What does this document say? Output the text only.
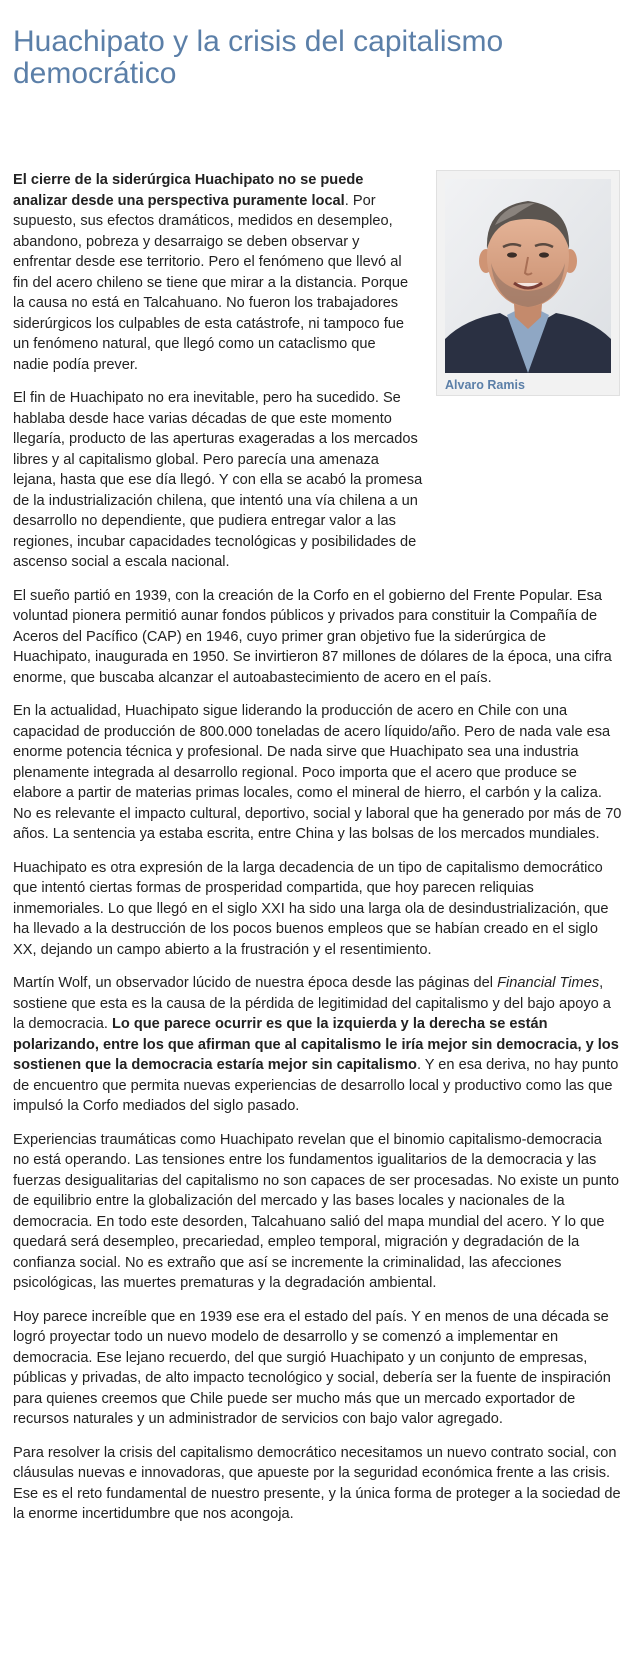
Huachipato y la crisis del capitalismo democrático
Alvaro Ramis

El cierre de la siderúrgica Huachipato no se puede analizar desde una perspectiva puramente local. Por supuesto, sus efectos dramáticos, medidos en desempleo, abandono, pobreza y desarraigo se deben observar y enfrentar desde ese territorio. Pero el fenómeno que llevó al fin del acero chileno se tiene que mirar a la distancia. Porque la causa no está en Talcahuano. No fueron los trabajadores siderúrgicos los culpables de esta catástrofe, ni tampoco fue un fenómeno natural, que llegó como un cataclismo que nadie podía prever.

El fin de Huachipato no era inevitable, pero ha sucedido. Se hablaba desde hace varias décadas de que este momento llegaría, producto de las aperturas exageradas a los mercados libres y al capitalismo global. Pero parecía una amenaza lejana, hasta que ese día llegó. Y con ella se acabó la promesa de la industrialización chilena, que intentó una vía chilena a un desarrollo no dependiente, que pudiera entregar valor a las regiones, incubar capacidades tecnológicas y posibilidades de ascenso social a escala nacional.

El sueño partió en 1939, con la creación de la Corfo en el gobierno del Frente Popular. Esa voluntad pionera permitió aunar fondos públicos y privados para constituir la Compañía de Aceros del Pacífico (CAP) en 1946, cuyo primer gran objetivo fue la siderúrgica de Huachipato, inaugurada en 1950. Se invirtieron 87 millones de dólares de la época, una cifra enorme, que buscaba alcanzar el autoabastecimiento de acero en el país.

En la actualidad, Huachipato sigue liderando la producción de acero en Chile con una capacidad de producción de 800.000 toneladas de acero líquido/año. Pero de nada vale esa enorme potencia técnica y profesional. De nada sirve que Huachipato sea una industria plenamente integrada al desarrollo regional. Poco importa que el acero que produce se elabore a partir de materias primas locales, como el mineral de hierro, el carbón y la caliza. No es relevante el impacto cultural, deportivo, social y laboral que ha generado por más de 70 años. La sentencia ya estaba escrita, entre China y las bolsas de los mercados mundiales.

Huachipato es otra expresión de la larga decadencia de un tipo de capitalismo democrático que intentó ciertas formas de prosperidad compartida, que hoy parecen reliquias inmemoriales. Lo que llegó en el siglo XXI ha sido una larga ola de desindustrialización, que ha llevado a la destrucción de los pocos buenos empleos que se habían creado en el siglo XX, dejando un campo abierto a la frustración y el resentimiento.

Martín Wolf, un observador lúcido de nuestra época desde las páginas del Financial Times, sostiene que esta es la causa de la pérdida de legitimidad del capitalismo y del bajo apoyo a la democracia. Lo que parece ocurrir es que la izquierda y la derecha se están polarizando, entre los que afirman que al capitalismo le iría mejor sin democracia, y los sostienen que la democracia estaría mejor sin capitalismo. Y en esa deriva, no hay punto de encuentro que permita nuevas experiencias de desarrollo local y productivo como las que impulsó la Corfo mediados del siglo pasado.

Experiencias traumáticas como Huachipato revelan que el binomio capitalismo-democracia no está operando. Las tensiones entre los fundamentos igualitarios de la democracia y las fuerzas desigualitarias del capitalismo no son capaces de ser procesadas. No existe un punto de equilibrio entre la globalización del mercado y las bases locales y nacionales de la democracia. En todo este desorden, Talcahuano salió del mapa mundial del acero. Y lo que quedará será desempleo, precariedad, empleo temporal, migración y degradación de la confianza social. No es extraño que así se incremente la criminalidad, las afecciones psicológicas, las muertes prematuras y la degradación ambiental.

Hoy parece increíble que en 1939 ese era el estado del país. Y en menos de una década se logró proyectar todo un nuevo modelo de desarrollo y se comenzó a implementar en democracia. Ese lejano recuerdo, del que surgió Huachipato y un conjunto de empresas, públicas y privadas, de alto impacto tecnológico y social, debería ser la fuente de inspiración para quienes creemos que Chile puede ser mucho más que un mercado exportador de recursos naturales y un administrador de servicios con bajo valor agregado.

Para resolver la crisis del capitalismo democrático necesitamos un nuevo contrato social, con cláusulas nuevas e innovadoras, que apueste por la seguridad económica frente a las crisis. Ese es el reto fundamental de nuestro presente, y la única forma de proteger a la sociedad de la enorme incertidumbre que nos acongoja.
